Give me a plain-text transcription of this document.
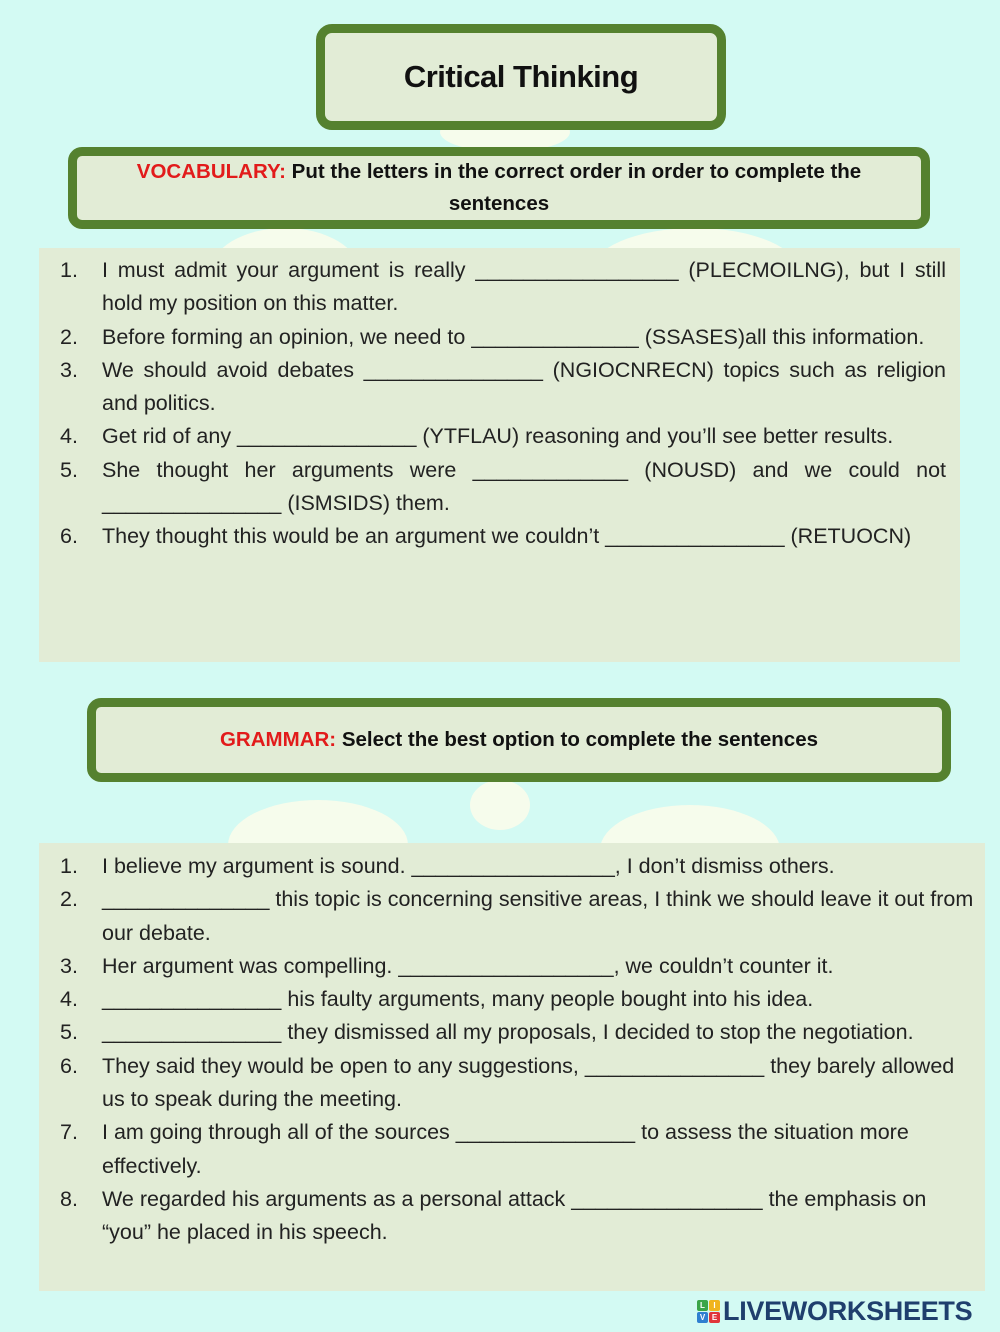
Critical Thinking
VOCABULARY: Put the letters in the correct order in order to complete the sentences
1.	I must admit your argument is really _________________ (PLECMOILNG), but I still hold my position on this matter.
2.	Before forming an opinion, we need to ______________ (SSASES)all this information.
3.	We should avoid debates _______________ (NGIOCNRECN) topics such as religion and politics.
4.	Get rid of any _______________ (YTFLAU) reasoning and you’ll see better results.
5.	She thought her arguments were _____________ (NOUSD) and we could not _______________ (ISMSIDS) them.
6.	They thought this would be an argument we couldn’t _______________ (RETUOCN)
GRAMMAR: Select the best option to complete the sentences
1.	I believe my argument is sound. _________________, I don’t dismiss others.
2.	______________ this topic is concerning sensitive areas, I think we should leave it out from our debate.
3.	Her argument was compelling. __________________, we couldn’t counter it.
4.	_______________ his faulty arguments, many people bought into his idea.
5.	_______________ they dismissed all my proposals, I decided to stop the negotiation.
6.	They said they would be open to any suggestions, _______________ they barely allowed us to speak during the meeting.
7.	I am going through all of the sources _______________ to assess the situation more effectively.
8.	We regarded his arguments as a personal attack ________________ the emphasis on “you” he placed in his speech.
L	I
V E LIVEWORKSHEETS
